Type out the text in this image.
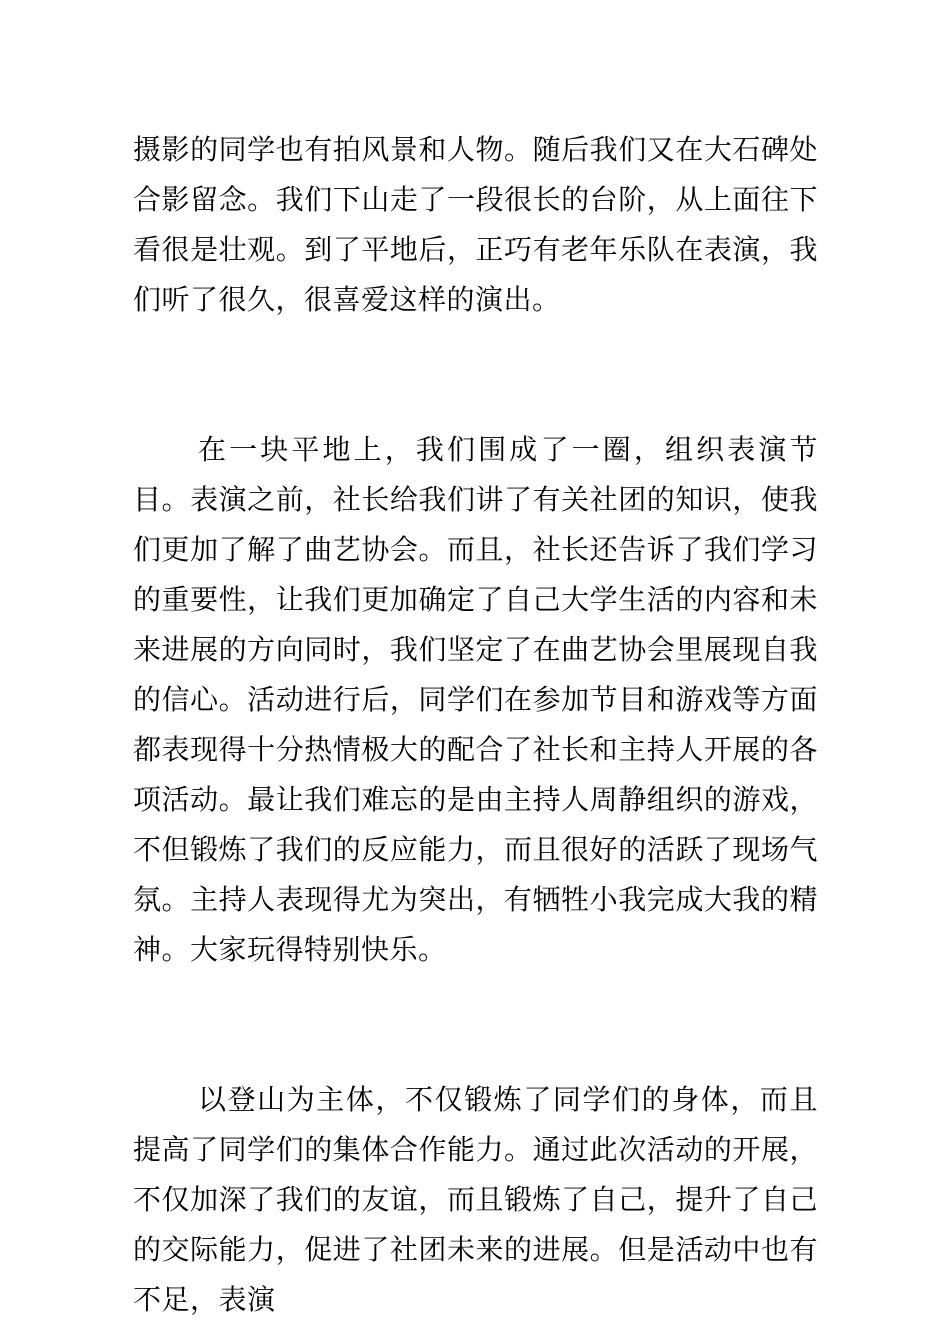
摄影的同学也有拍风景和人物。随后我们又在大石碑处合影留念。我们下山走了一段很长的台阶，从上面往下看很是壮观。到了平地后，正巧有老年乐队在表演，我们听了很久，很喜爱这样的演出。

在一块平地上，我们围成了一圈，组织表演节目。表演之前，社长给我们讲了有关社团的知识，使我们更加了解了曲艺协会。而且，社长还告诉了我们学习的重要性，让我们更加确定了自己大学生活的内容和未来进展的方向同时，我们坚定了在曲艺协会里展现自我的信心。活动进行后，同学们在参加节目和游戏等方面都表现得十分热情极大的配合了社长和主持人开展的各项活动。最让我们难忘的是由主持人周静组织的游戏，不但锻炼了我们的反应能力，而且很好的活跃了现场气氛。主持人表现得尤为突出，有牺牲小我完成大我的精神。大家玩得特别快乐。

以登山为主体，不仅锻炼了同学们的身体，而且提高了同学们的集体合作能力。通过此次活动的开展，不仅加深了我们的友谊，而且锻炼了自己，提升了自己的交际能力，促进了社团未来的进展。但是活动中也有不足，表演
